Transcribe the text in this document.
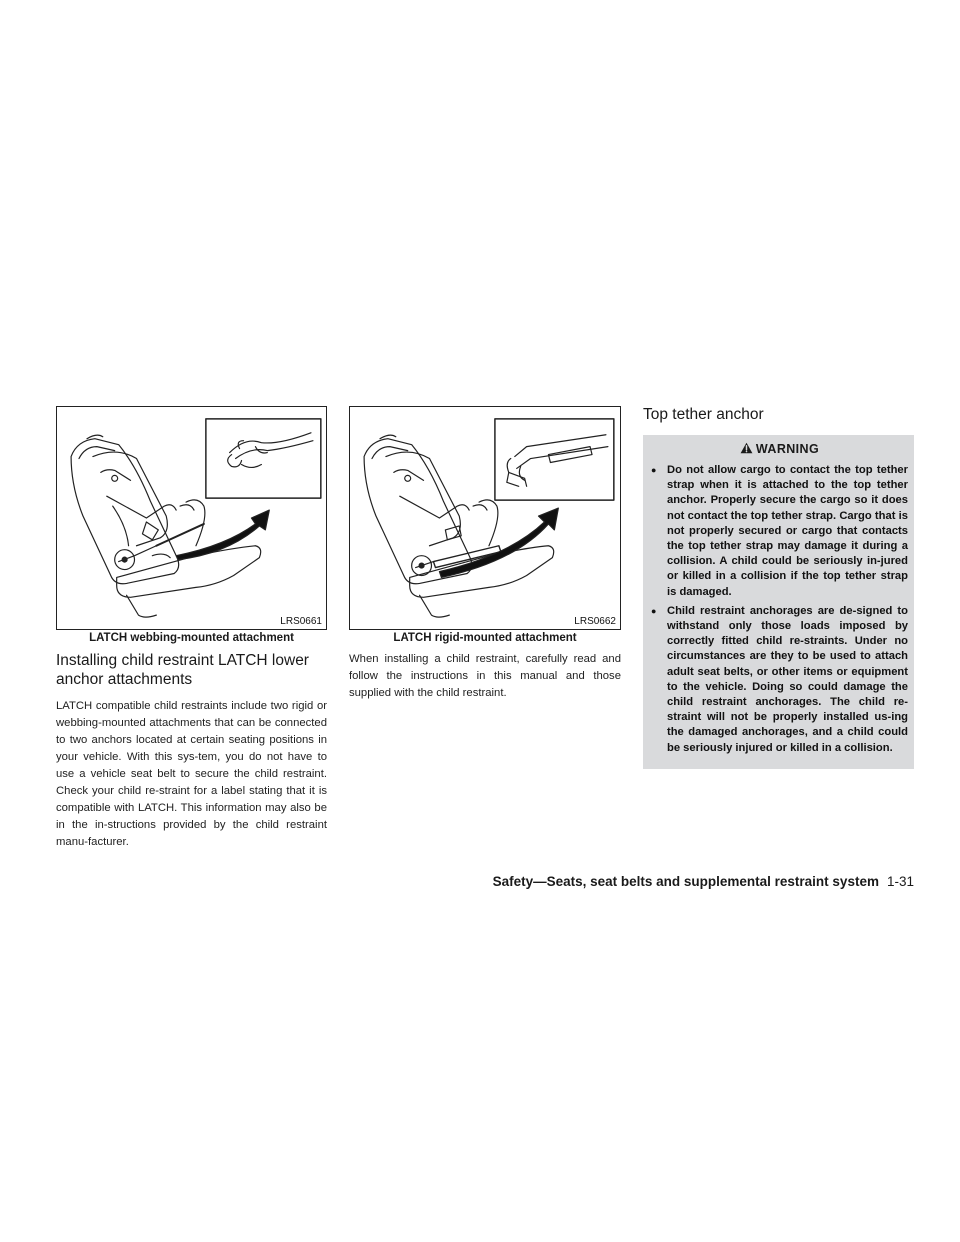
LRS0661
LATCH webbing-mounted attachment
Installing child restraint LATCH lower
anchor attachments

LATCH compatible child restraints include two rigid or webbing-mounted attachments that can be connected to two anchors located at certain seating positions in your vehicle. With this sys-tem, you do not have to use a vehicle seat belt to secure the child restraint. Check your child re-straint for a label stating that it is compatible with LATCH. This information may also be in the in-structions provided by the child restraint manu-facturer.

LRS0662
LATCH rigid-mounted attachment

When installing a child restraint, carefully read and follow the instructions in this manual and those supplied with the child restraint.

Top tether anchor
WARNING
● Do not allow cargo to contact the top tether strap when it is attached to the top tether anchor. Properly secure the cargo so it does not contact the top tether strap. Cargo that is not properly secured or cargo that contacts the top tether strap may damage it during a collision. A child could be seriously in-jured or killed in a collision if the top tether strap is damaged.
● Child restraint anchorages are de-signed to withstand only those loads imposed by correctly fitted child re-straints. Under no circumstances are they to be used to attach adult seat belts, or other items or equipment to the vehicle. Doing so could damage the child restraint anchorages. The child re-straint will not be properly installed us-ing the damaged anchorages, and a child could be seriously injured or killed in a collision.
Safety—Seats, seat belts and supplemental restraint system 1-31
